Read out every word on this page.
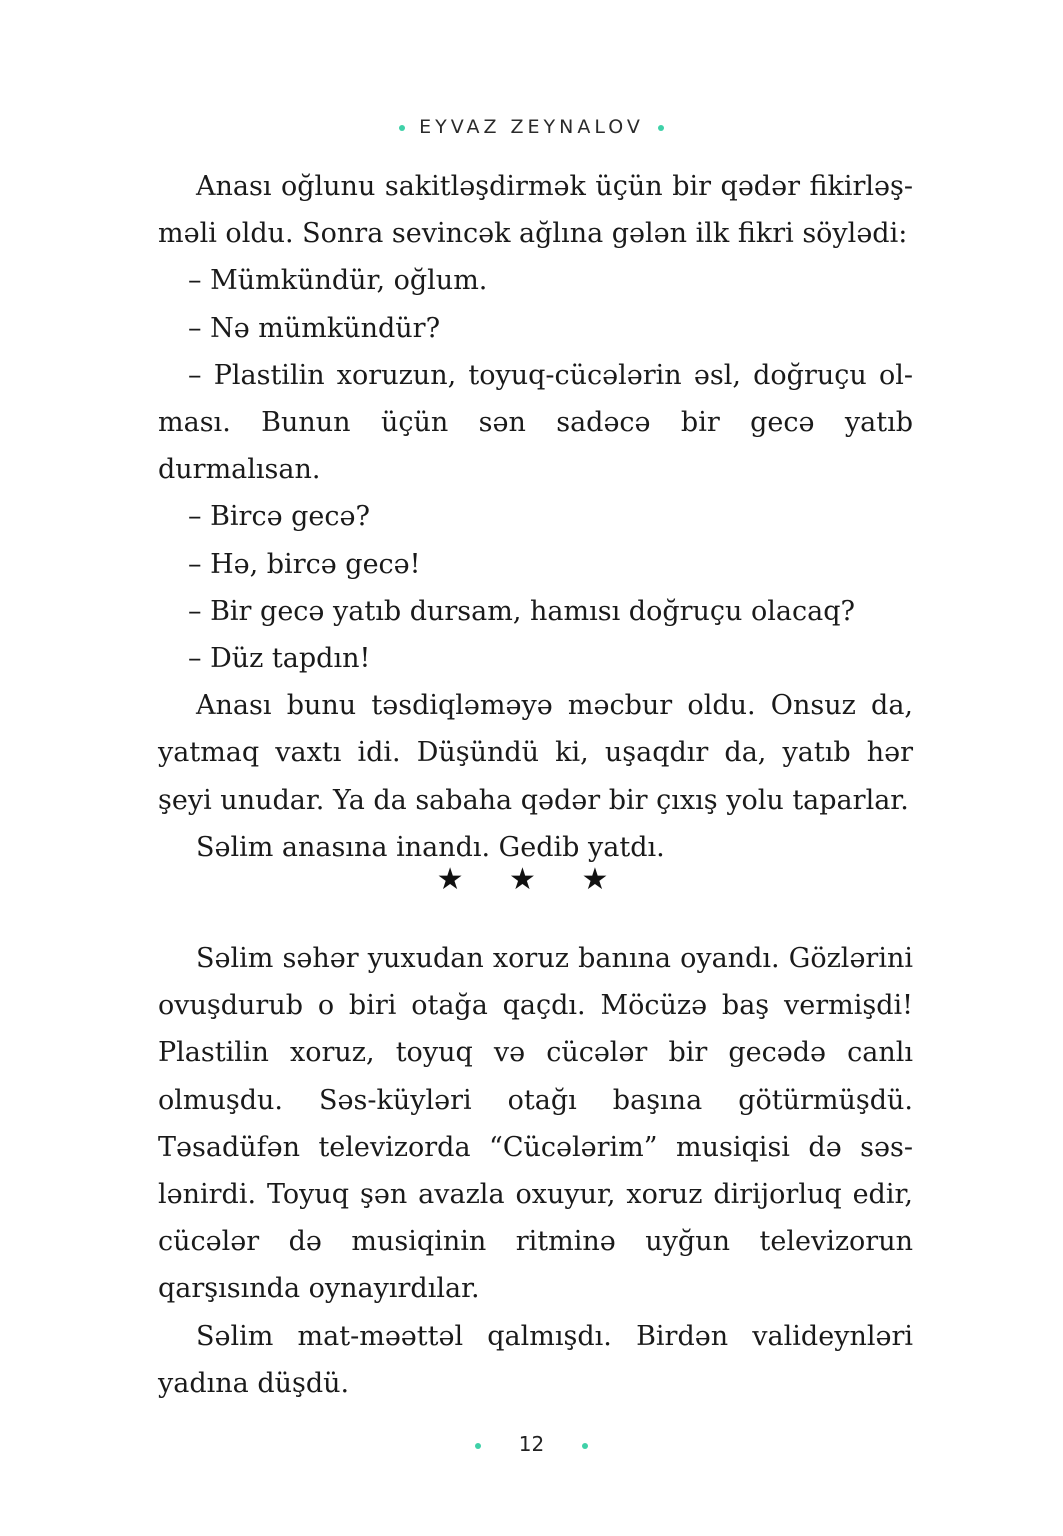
EYVAZ ZEYNALOV

Anası oğlunu sakitləşdirmək üçün bir qədər fikirləşməli oldu. Sonra sevincək ağlına gələn ilk fikri söylədi:

– Mümkündür, oğlum.

– Nə mümkündür?

– Plastilin xoruzun, toyuq-cücələrin əsl, doğruçu olması. Bunun üçün sən sadəcə bir gecə yatıb durmalısan.

– Bircə gecə?

– Hə, bircə gecə!

– Bir gecə yatıb dursam, hamısı doğruçu olacaq?

– Düz tapdın!

Anası bunu təsdiqləməyə məcbur oldu. Onsuz da, yatmaq vaxtı idi. Düşündü ki, uşaqdır da, yatıb hər şeyi unudar. Ya da sabaha qədər bir çıxış yolu taparlar.

Səlim anasına inandı. Gedib yatdı.

★ ★ ★

Səlim səhər yuxudan xoruz banına oyandı. Gözlərini ovuşdurub o biri otağa qaçdı. Möcüzə baş vermişdi! Plastilin xoruz, toyuq və cücələr bir gecədə canlı olmuşdu. Səs-küyləri otağı başına götürmüşdü. Təsadüfən televizorda “Cücələrim” musiqisi də səslənirdi. Toyuq şən avazla oxuyur, xoruz dirijorluq edir, cücələr də musiqinin ritminə uyğun televizorun qarşısında oynayırdılar.

Səlim mat-məəttəl qalmışdı. Birdən valideynləri yadına düşdü.

12
